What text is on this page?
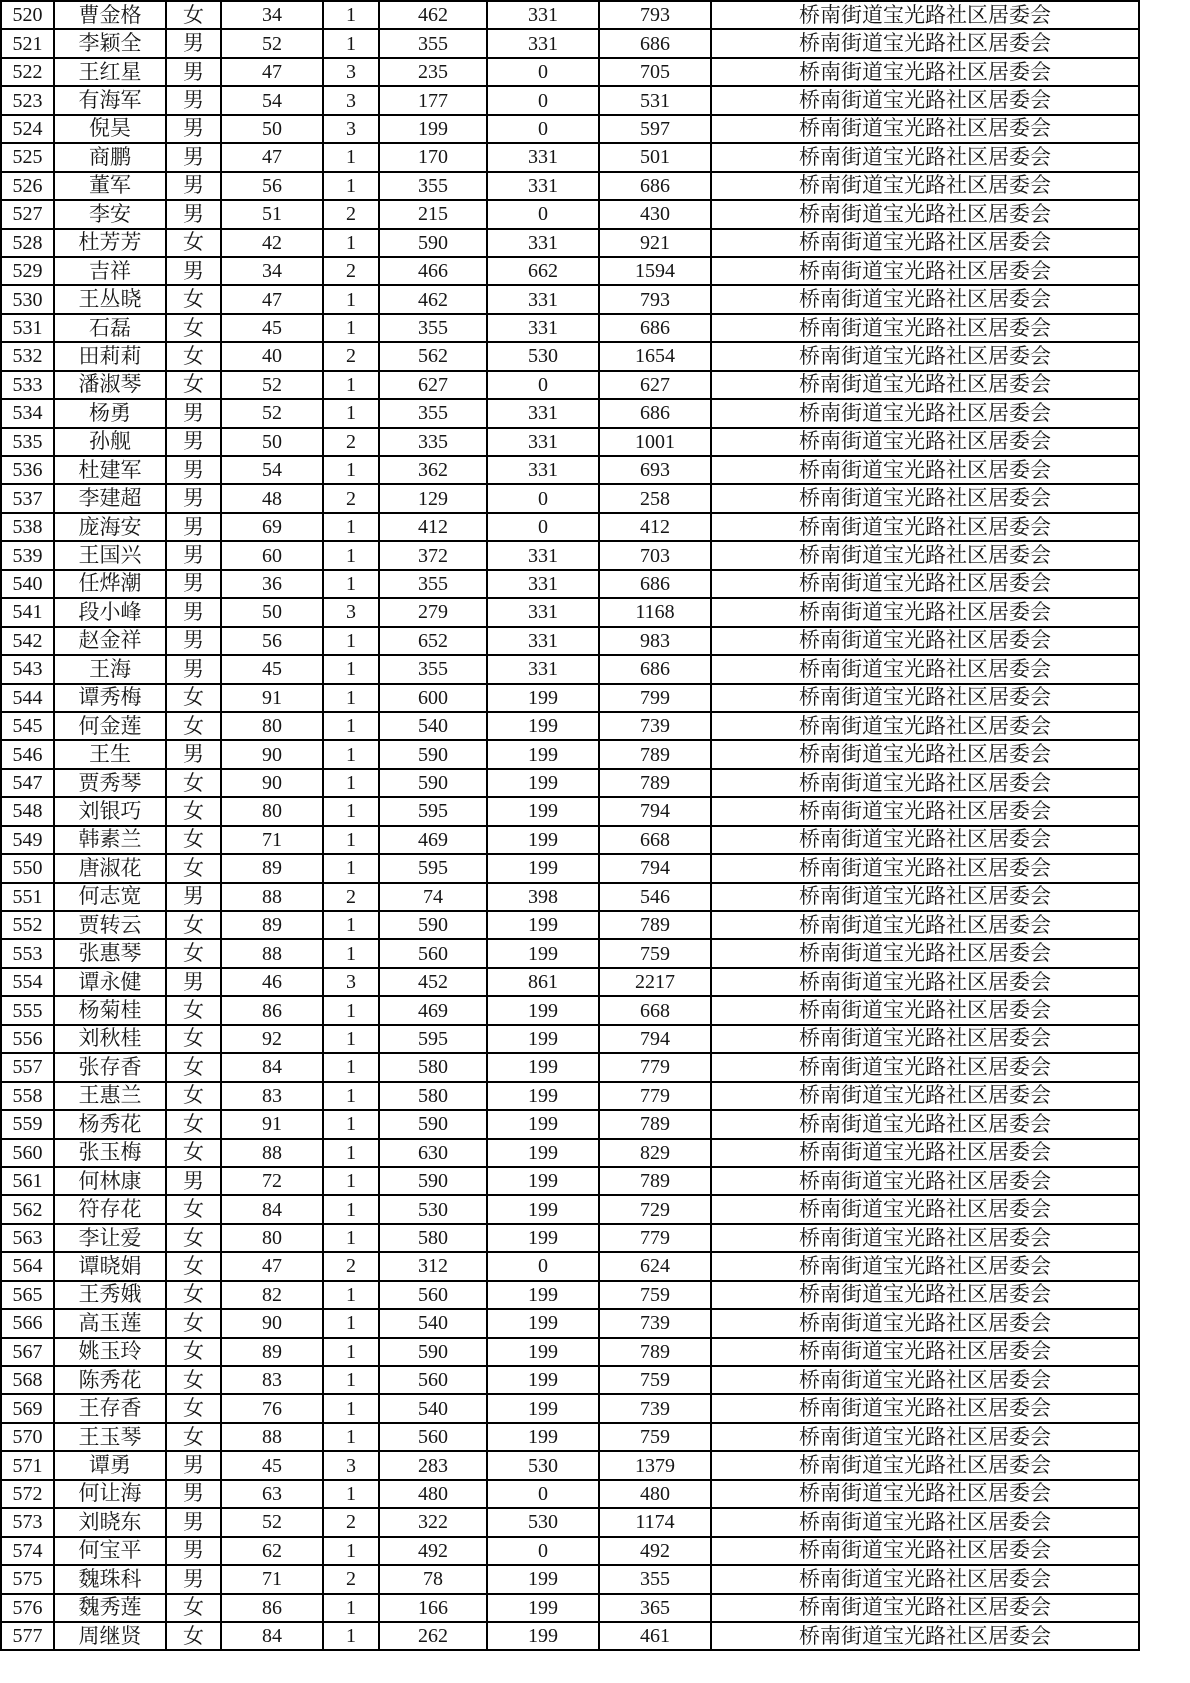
520	曹金格	女	34	1	462	331	793	桥南街道宝光路社区居委会
521	李颖全	男	52	1	355	331	686	桥南街道宝光路社区居委会
522	王红星	男	47	3	235	0	705	桥南街道宝光路社区居委会
523	有海军	男	54	3	177	0	531	桥南街道宝光路社区居委会
524	倪昊	男	50	3	199	0	597	桥南街道宝光路社区居委会
525	商鹏	男	47	1	170	331	501	桥南街道宝光路社区居委会
526	董军	男	56	1	355	331	686	桥南街道宝光路社区居委会
527	李安	男	51	2	215	0	430	桥南街道宝光路社区居委会
528	杜芳芳	女	42	1	590	331	921	桥南街道宝光路社区居委会
529	吉祥	男	34	2	466	662	1594	桥南街道宝光路社区居委会
530	王丛晓	女	47	1	462	331	793	桥南街道宝光路社区居委会
531	石磊	女	45	1	355	331	686	桥南街道宝光路社区居委会
532	田莉莉	女	40	2	562	530	1654	桥南街道宝光路社区居委会
533	潘淑琴	女	52	1	627	0	627	桥南街道宝光路社区居委会
534	杨勇	男	52	1	355	331	686	桥南街道宝光路社区居委会
535	孙舰	男	50	2	335	331	1001	桥南街道宝光路社区居委会
536	杜建军	男	54	1	362	331	693	桥南街道宝光路社区居委会
537	李建超	男	48	2	129	0	258	桥南街道宝光路社区居委会
538	庞海安	男	69	1	412	0	412	桥南街道宝光路社区居委会
539	王国兴	男	60	1	372	331	703	桥南街道宝光路社区居委会
540	任烨潮	男	36	1	355	331	686	桥南街道宝光路社区居委会
541	段小峰	男	50	3	279	331	1168	桥南街道宝光路社区居委会
542	赵金祥	男	56	1	652	331	983	桥南街道宝光路社区居委会
543	王海	男	45	1	355	331	686	桥南街道宝光路社区居委会
544	谭秀梅	女	91	1	600	199	799	桥南街道宝光路社区居委会
545	何金莲	女	80	1	540	199	739	桥南街道宝光路社区居委会
546	王生	男	90	1	590	199	789	桥南街道宝光路社区居委会
547	贾秀琴	女	90	1	590	199	789	桥南街道宝光路社区居委会
548	刘银巧	女	80	1	595	199	794	桥南街道宝光路社区居委会
549	韩素兰	女	71	1	469	199	668	桥南街道宝光路社区居委会
550	唐淑花	女	89	1	595	199	794	桥南街道宝光路社区居委会
551	何志宽	男	88	2	74	398	546	桥南街道宝光路社区居委会
552	贾转云	女	89	1	590	199	789	桥南街道宝光路社区居委会
553	张惠琴	女	88	1	560	199	759	桥南街道宝光路社区居委会
554	谭永健	男	46	3	452	861	2217	桥南街道宝光路社区居委会
555	杨菊桂	女	86	1	469	199	668	桥南街道宝光路社区居委会
556	刘秋桂	女	92	1	595	199	794	桥南街道宝光路社区居委会
557	张存香	女	84	1	580	199	779	桥南街道宝光路社区居委会
558	王惠兰	女	83	1	580	199	779	桥南街道宝光路社区居委会
559	杨秀花	女	91	1	590	199	789	桥南街道宝光路社区居委会
560	张玉梅	女	88	1	630	199	829	桥南街道宝光路社区居委会
561	何林康	男	72	1	590	199	789	桥南街道宝光路社区居委会
562	符存花	女	84	1	530	199	729	桥南街道宝光路社区居委会
563	李让爱	女	80	1	580	199	779	桥南街道宝光路社区居委会
564	谭晓娟	女	47	2	312	0	624	桥南街道宝光路社区居委会
565	王秀娥	女	82	1	560	199	759	桥南街道宝光路社区居委会
566	高玉莲	女	90	1	540	199	739	桥南街道宝光路社区居委会
567	姚玉玲	女	89	1	590	199	789	桥南街道宝光路社区居委会
568	陈秀花	女	83	1	560	199	759	桥南街道宝光路社区居委会
569	王存香	女	76	1	540	199	739	桥南街道宝光路社区居委会
570	王玉琴	女	88	1	560	199	759	桥南街道宝光路社区居委会
571	谭勇	男	45	3	283	530	1379	桥南街道宝光路社区居委会
572	何让海	男	63	1	480	0	480	桥南街道宝光路社区居委会
573	刘晓东	男	52	2	322	530	1174	桥南街道宝光路社区居委会
574	何宝平	男	62	1	492	0	492	桥南街道宝光路社区居委会
575	魏珠科	男	71	2	78	199	355	桥南街道宝光路社区居委会
576	魏秀莲	女	86	1	166	199	365	桥南街道宝光路社区居委会
577	周继贤	女	84	1	262	199	461	桥南街道宝光路社区居委会
